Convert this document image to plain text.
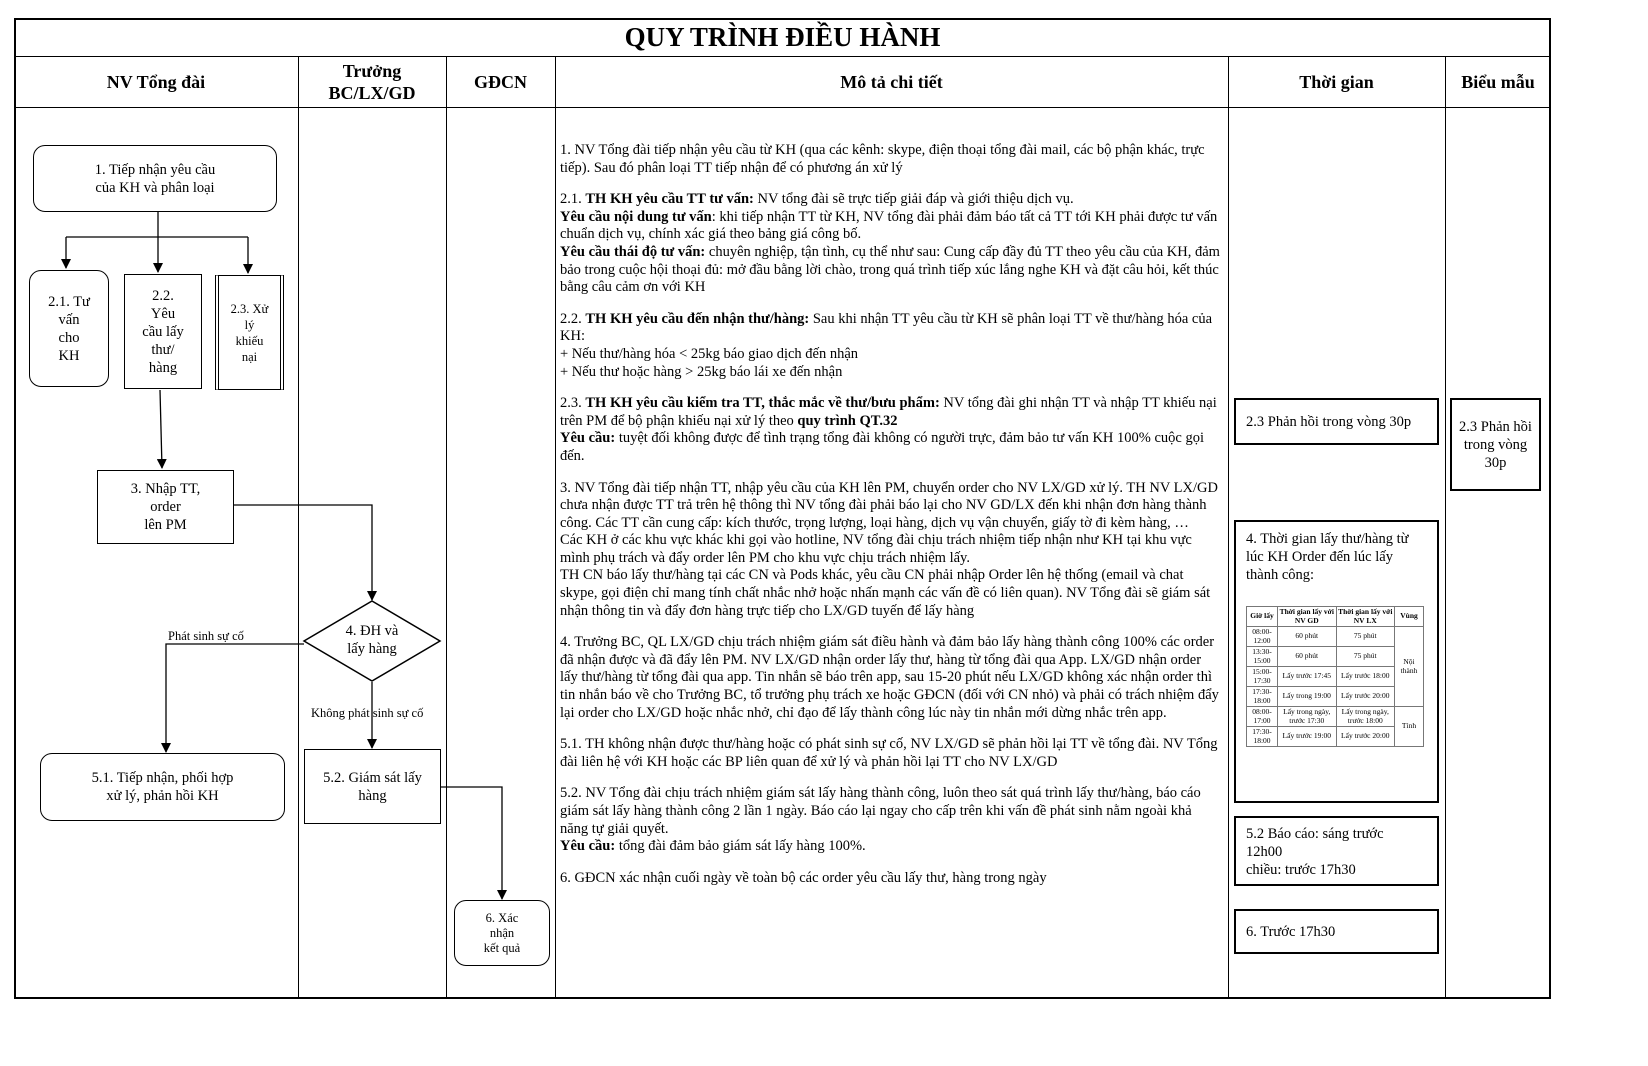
QUY TRÌNH ĐIỀU HÀNH
NV Tổng đài
Trưởng
BC/LX/GD
GĐCN	Mô tả chi tiết	Thời gian	Biểu mẫu
1. Tiếp nhận yêu cầu
của KH và phân loại
2.1. Tư
vấn
cho
KH
2.2.
Yêu
cầu lấy
thư/
hàng
2.3. Xử
lý
khiếu
nại
3. Nhập TT,
order
lên PM
4. ĐH và
lấy hàng
5.1. Tiếp nhận, phối hợp
xử lý, phản hồi KH
5.2. Giám sát lấy
hàng
6. Xác
nhận
kết quả
Phát sinh sự cố
Không phát sinh sự cố

1. NV Tổng đài tiếp nhận yêu cầu từ KH (qua các kênh: skype, điện thoại tổng đài mail, các bộ phận khác, trực tiếp). Sau đó phân loại TT tiếp nhận để có phương án xử lý

2.1. TH KH yêu cầu TT tư vấn: NV tổng đài sẽ trực tiếp giải đáp và giới thiệu dịch vụ.
Yêu cầu nội dung tư vấn: khi tiếp nhận TT từ KH, NV tổng đài phải đảm báo tất cả TT tới KH phải được tư vấn chuẩn dịch vụ, chính xác giá theo bảng giá công bố.
Yêu cầu thái độ tư vấn: chuyên nghiệp, tận tình, cụ thể như sau: Cung cấp đầy đủ TT theo yêu cầu của KH, đảm bảo trong cuộc hội thoại đủ: mở đầu bằng lời chào, trong quá trình tiếp xúc lắng nghe KH và đặt câu hỏi, kết thúc bằng câu cảm ơn với KH

2.2. TH KH yêu cầu đến nhận thư/hàng: Sau khi nhận TT yêu cầu từ KH sẽ phân loại TT về thư/hàng hóa của KH:
+ Nếu thư/hàng hóa < 25kg báo giao dịch đến nhận
+ Nếu thư hoặc hàng > 25kg báo lái xe đến nhận

2.3. TH KH yêu cầu kiểm tra TT, thắc mắc về thư/bưu phẩm: NV tổng đài ghi nhận TT và nhập TT khiếu nại trên PM để bộ phận khiếu nại xử lý theo quy trình QT.32
Yêu cầu: tuyệt đối không được để tình trạng tổng đài không có người trực, đảm bảo tư vấn KH 100% cuộc gọi đến.

3. NV Tổng đài tiếp nhận TT, nhập yêu cầu của KH lên PM, chuyển order cho NV LX/GD xử lý. TH NV LX/GD chưa nhận được TT trả trên hệ thông thì NV tổng đài phải báo lại cho NV GD/LX đến khi nhận đơn hàng thành công. Các TT cần cung cấp: kích thước, trọng lượng, loại hàng, dịch vụ vận chuyển, giấy tờ đi kèm hàng, …
Các KH ở các khu vực khác khi gọi vào hotline, NV tổng đài chịu trách nhiệm tiếp nhận như KH tại khu vực mình phụ trách và đẩy order lên PM cho khu vực chịu trách nhiệm lấy.
TH CN báo lấy thư/hàng tại các CN và Pods khác, yêu cầu CN phải nhập Order lên hệ thống (email và chat skype, gọi điện chỉ mang tính chất nhắc nhở hoặc nhấn mạnh các vấn đề có liên quan). NV Tổng đài sẽ giám sát nhận thông tin và đẩy đơn hàng trực tiếp cho LX/GD tuyến để lấy hàng

4. Trưởng BC, QL LX/GD chịu trách nhiệm giám sát điều hành và đảm bảo lấy hàng thành công 100% các order đã nhận được và đã đẩy lên PM. NV LX/GD nhận order lấy thư, hàng từ tổng đài qua App. LX/GD nhận order lấy thư/hàng từ tổng đài qua app. Tin nhắn sẽ báo trên app, sau 15-20 phút nếu LX/GD không xác nhận order thì tin nhắn báo về cho Trưởng BC, tổ trưởng phụ trách xe hoặc GĐCN (đối với CN nhỏ) và phải có trách nhiệm đẩy lại order cho LX/GD hoặc nhắc nhở, chỉ đạo để lấy thành công lúc này tin nhắn mới dừng nhắc trên app.

5.1. TH không nhận được thư/hàng hoặc có phát sinh sự cố, NV LX/GD sẽ phản hồi lại TT về tổng đài. NV Tổng đài liên hệ với KH hoặc các BP liên quan để xử lý và phản hồi lại TT cho NV LX/GD

5.2. NV Tổng đài chịu trách nhiệm giám sát lấy hàng thành công, luôn theo sát quá trình lấy thư/hàng, báo cáo giám sát lấy hàng thành công 2 lần 1 ngày. Báo cáo lại ngay cho cấp trên khi vấn đề phát sinh nằm ngoài khả năng tự giải quyết.
Yêu cầu: tổng đài đảm bảo giám sát lấy hàng 100%.

6. GĐCN xác nhận cuối ngày về toàn bộ các order yêu cầu lấy thư, hàng trong ngày

2.3 Phản hồi trong vòng 30p
4. Thời gian lấy thư/hàng từ lúc KH Order đến lúc lấy thành công:
Giờ lấy	Thời gian lấy với NV GD	Thời gian lấy với NV LX	Vùng
08:00-12:00	60 phút	75 phút	Nội thành
13:30-15:00	60 phút	75 phút	
15:00-17:30	Lấy trước 17:45	Lấy trước 18:00	
17:30-18:00	Lấy trong 19:00	Lấy trước 20:00	
08:00-17:00	Lấy trong ngày, trước 17:30	Lấy trong ngày, trước 18:00	Tỉnh
17:30-18:00	Lấy trước 19:00	Lấy trước 20:00	
5.2 Báo cáo: sáng trước
12h00
chiều: trước 17h30
6. Trước 17h30
2.3 Phản hồi trong vòng 30p
